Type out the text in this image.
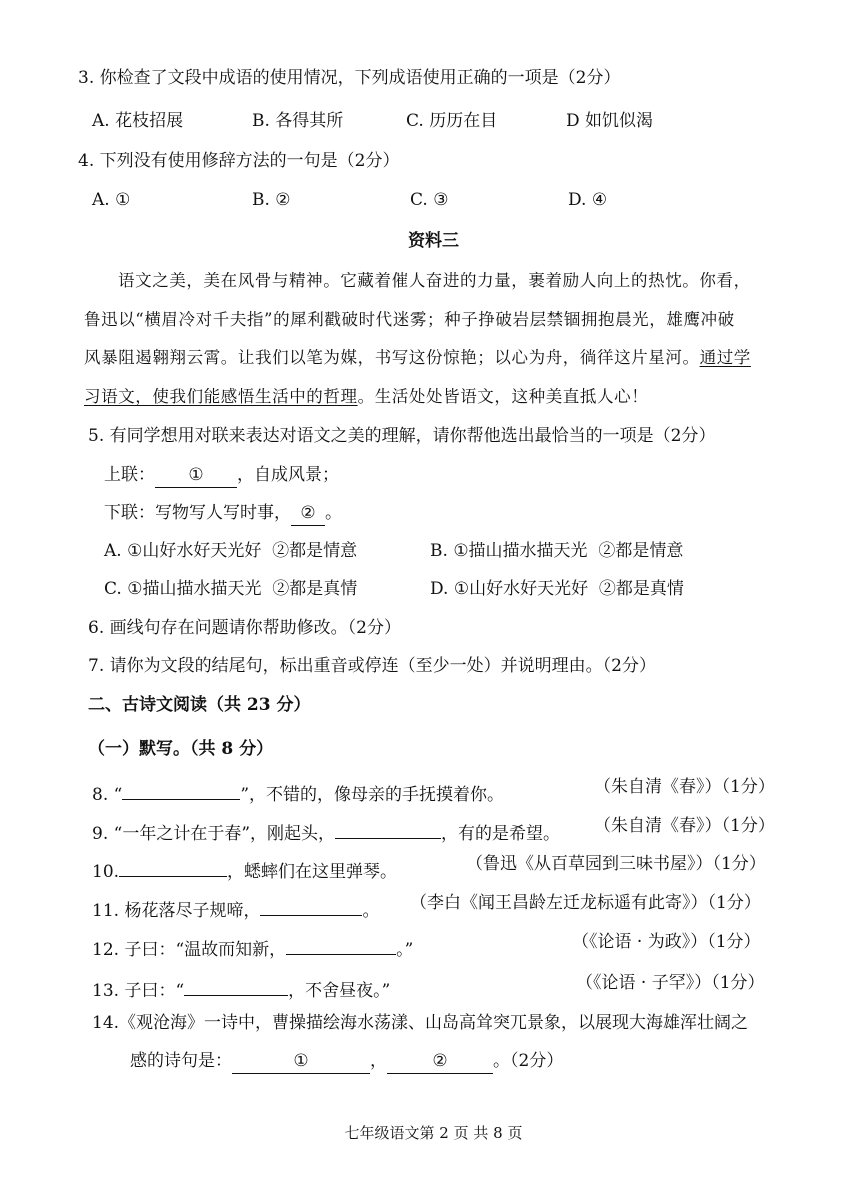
3. 你检查了文段中成语的使用情况，下列成语使用正确的一项是（2分）
A. 花枝招展	B. 各得其所	C. 历历在目	D 如饥似渴
4. 下列没有使用修辞方法的一句是（2分）
A. ①	B. ②	C. ③	D. ④
资料三
语文之美，美在风骨与精神。它藏着催人奋进的力量，裹着励人向上的热忱。你看，
鲁迅以“横眉冷对千夫指”的犀利戳破时代迷雾；种子挣破岩层禁锢拥抱晨光，雄鹰冲破
风暴阻遏翱翔云霄。让我们以笔为媒，书写这份惊艳；以心为舟，徜徉这片星河。通过学
习语文，使我们能感悟生活中的哲理。生活处处皆语文，这种美直抵人心！
5. 有同学想用对联来表达对语文之美的理解，请你帮他选出最恰当的一项是（2分）
上联： ① ，自成风景；
下联：写物写人写时事， ② 。
A. ①山好水好天光好  ②都是情意	B. ①描山描水描天光  ②都是情意
C. ①描山描水描天光  ②都是真情	D. ①山好水好天光好  ②都是真情
6. 画线句存在问题请你帮助修改。（2分）
7. 请你为文段的结尾句，标出重音或停连（至少一处）并说明理由。（2分）
二、古诗文阅读（共 23 分）
（一）默写。（共 8 分）
8. “	”，不错的，像母亲的手抚摸着你。	（朱自清《春》）（1分）
9. “一年之计在于春”，刚起头，	，有的是希望。 （朱自清《春》）（1分）
10.	，蟋蟀们在这里弹琴。	（鲁迅《从百草园到三味书屋》）（1分）
11. 杨花落尽子规啼，	。 （李白《闻王昌龄左迁龙标遥有此寄》）（1分）
12. 子曰：“温故而知新，	。”	（《论语 · 为政》）（1分）
13. 子曰：“	，不舍昼夜。”	（《论语 · 子罕》）（1分）
14.《观沧海》一诗中，曹操描绘海水荡漾、山岛高耸突兀景象，以展现大海雄浑壮阔之
感的诗句是：	①	，	②	。（2分）
七年级语文第 2 页 共 8 页
